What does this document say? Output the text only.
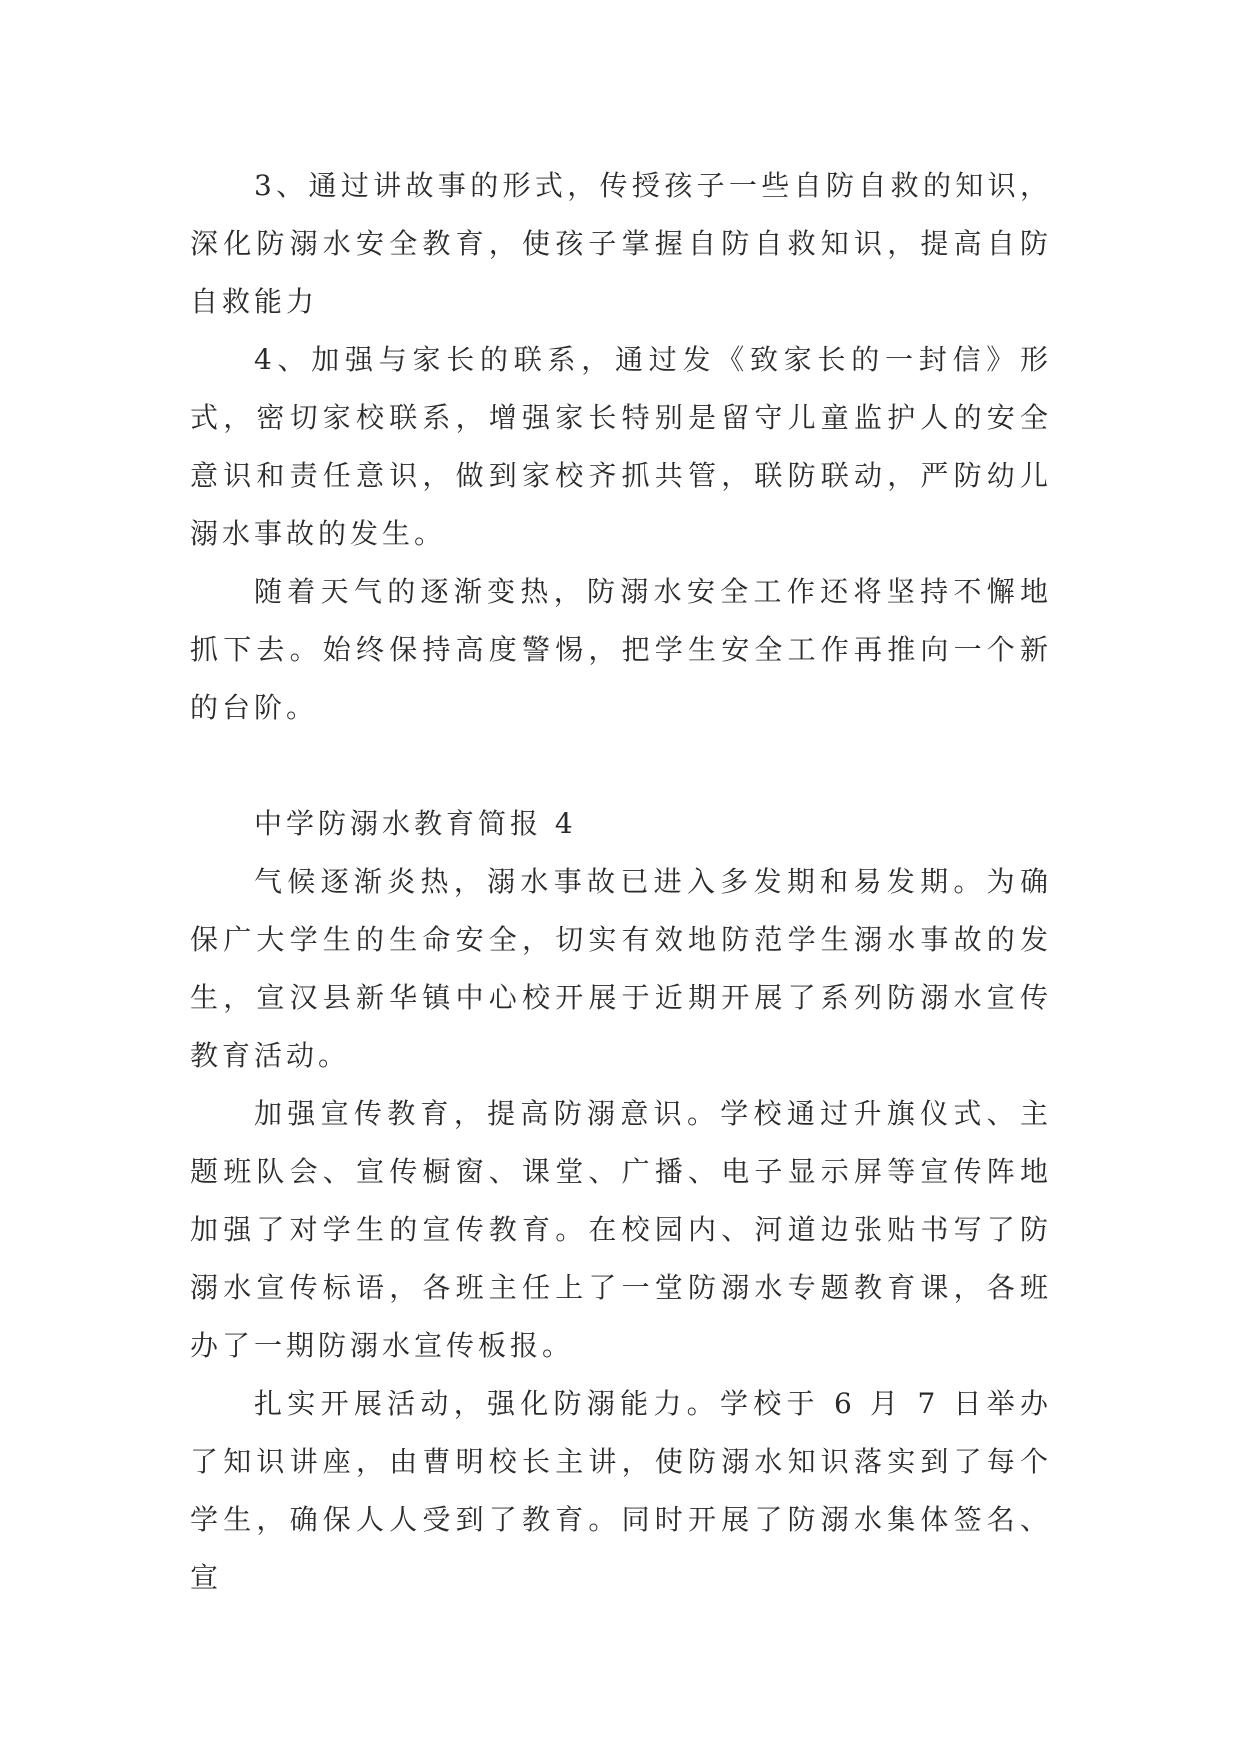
3、通过讲故事的形式，传授孩子一些自防自救的知识，深化防溺水安全教育，使孩子掌握自防自救知识，提高自防自救能力

4、加强与家长的联系，通过发《致家长的一封信》形式，密切家校联系，增强家长特别是留守儿童监护人的安全意识和责任意识，做到家校齐抓共管，联防联动，严防幼儿溺水事故的发生。

随着天气的逐渐变热，防溺水安全工作还将坚持不懈地抓下去。始终保持高度警惕，把学生安全工作再推向一个新的台阶。

中学防溺水教育简报 4

气候逐渐炎热，溺水事故已进入多发期和易发期。为确保广大学生的生命安全，切实有效地防范学生溺水事故的发生，宣汉县新华镇中心校开展于近期开展了系列防溺水宣传教育活动。

加强宣传教育，提高防溺意识。学校通过升旗仪式、主题班队会、宣传橱窗、课堂、广播、电子显示屏等宣传阵地加强了对学生的宣传教育。在校园内、河道边张贴书写了防溺水宣传标语，各班主任上了一堂防溺水专题教育课，各班办了一期防溺水宣传板报。

扎实开展活动，强化防溺能力。学校于 6 月 7 日举办了知识讲座，由曹明校长主讲，使防溺水知识落实到了每个学生，确保人人受到了教育。同时开展了防溺水集体签名、宣
